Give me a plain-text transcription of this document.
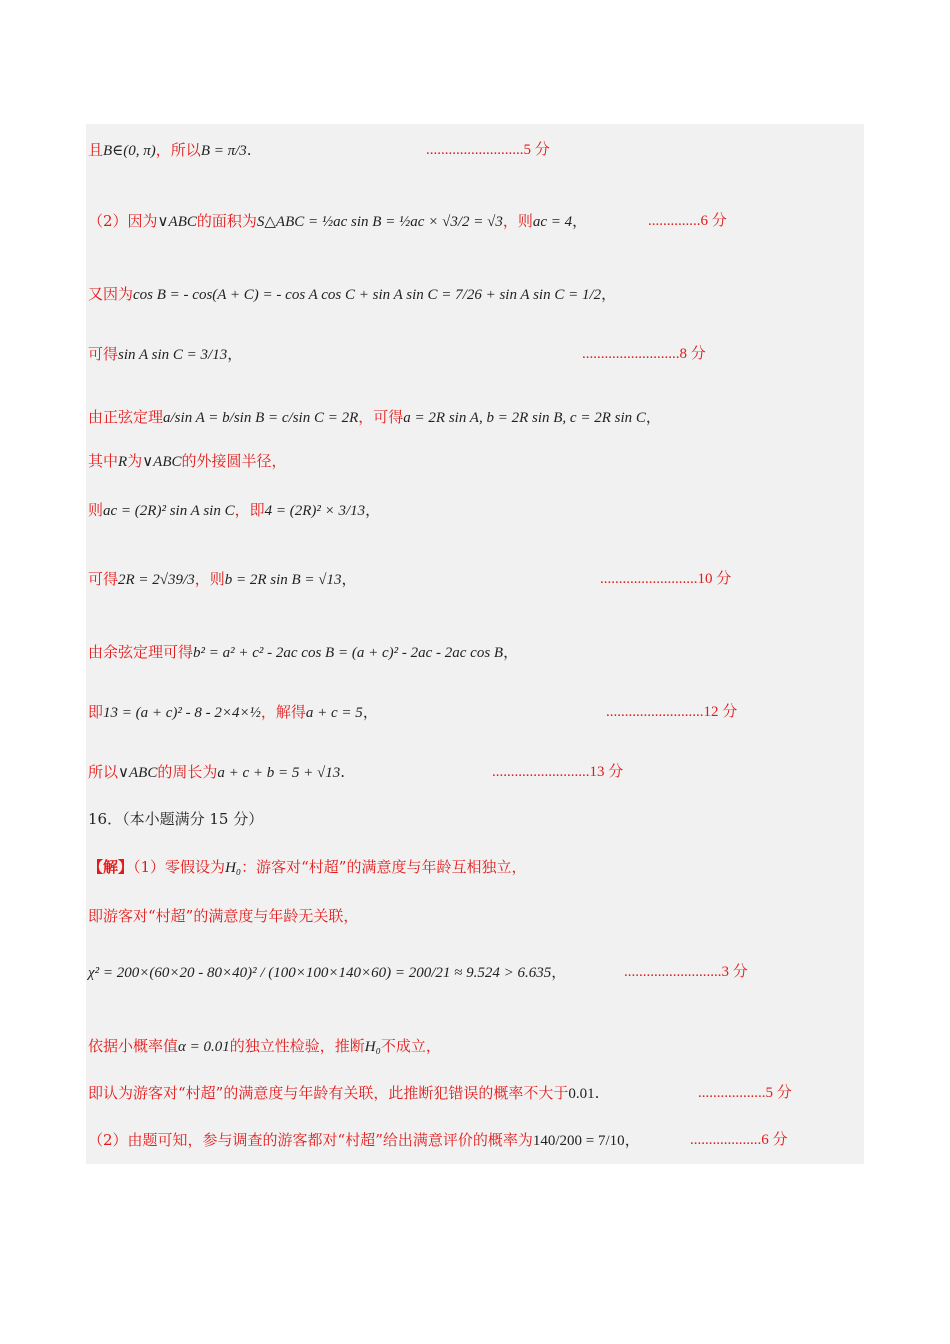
且B∈(0, π)，所以B = π/3.	..........................5 分
（2）因为∨ABC的面积为S△ABC = ½ac sin B = ½ac × √3/2 = √3，则ac = 4，	..............6 分
又因为cos B = - cos(A + C) = - cos A cos C + sin A sin C = 7/26 + sin A sin C = 1/2，
可得sin A sin C = 3/13，	..........................8 分
由正弦定理a/sin A = b/sin B = c/sin C = 2R，可得a = 2R sin A, b = 2R sin B, c = 2R sin C，
其中R为∨ABC的外接圆半径，
则ac = (2R)² sin A sin C，即4 = (2R)² × 3/13，
可得2R = 2√39/3，则b = 2R sin B = √13，	..........................10 分
由余弦定理可得b² = a² + c² - 2ac cos B = (a + c)² - 2ac - 2ac cos B，
即13 = (a + c)² - 8 - 2×4×½，解得a + c = 5，	..........................12 分
所以∨ABC的周长为a + c + b = 5 + √13.	..........................13 分
16．（本小题满分 15 分）
【解】（1）零假设为H₀：游客对“村超”的满意度与年龄互相独立，
即游客对“村超”的满意度与年龄无关联，
χ² = 200×(60×20 - 80×40)² / (100×100×140×60) = 200/21 ≈ 9.524 > 6.635，	..........................3 分
依据小概率值α = 0.01的独立性检验，推断H₀不成立，
即认为游客对“村超”的满意度与年龄有关联，此推断犯错误的概率不大于0.01.	..................5 分
（2）由题可知，参与调查的游客都对“村超”给出满意评价的概率为140/200 = 7/10，	...................6 分
